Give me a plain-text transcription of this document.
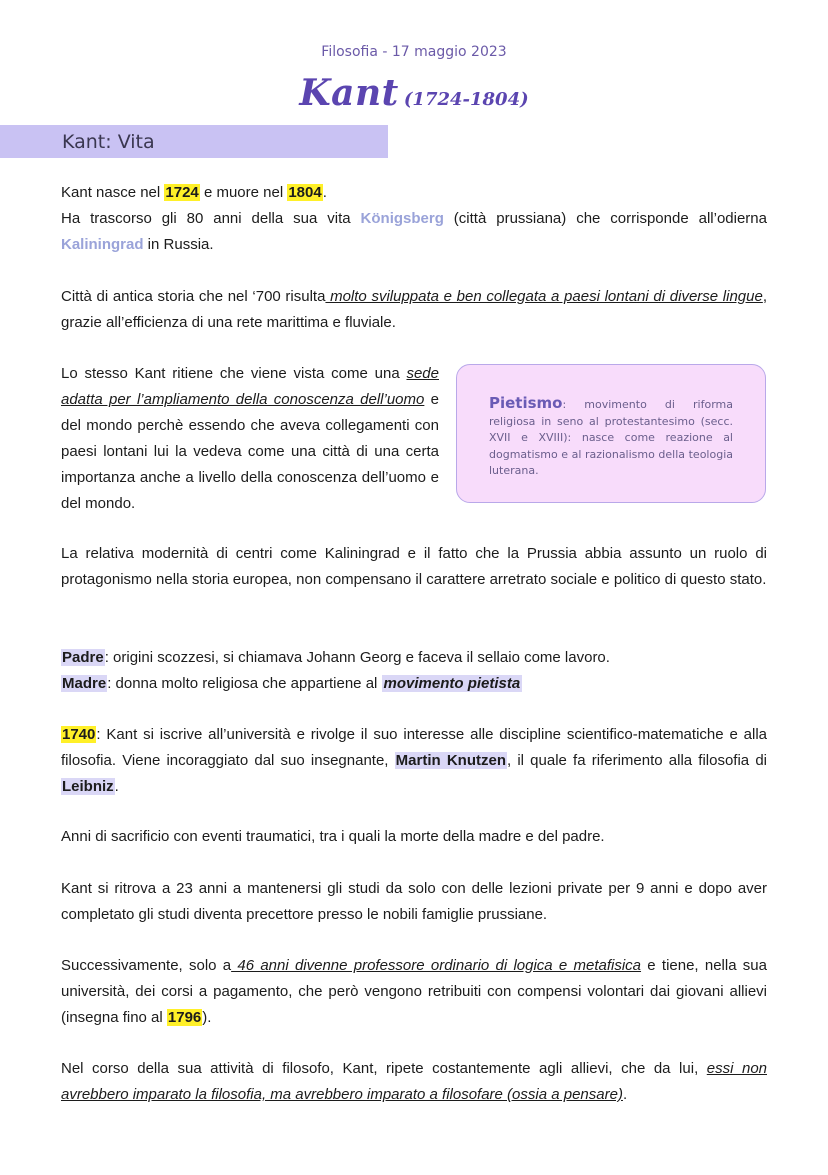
Filosofia - 17 maggio 2023
Kant (1724-1804)
Kant: Vita
Kant nasce nel 1724 e muore nel 1804.
Ha trascorso gli 80 anni della sua vita Königsberg (città prussiana) che corrisponde all’odierna Kaliningrad in Russia.
Città di antica storia che nel ‘700 risulta molto sviluppata e ben collegata a paesi lontani di diverse lingue, grazie all’efficienza di una rete marittima e fluviale.
Lo stesso Kant ritiene che viene vista come una sede adatta per l’ampliamento della conoscenza dell’uomo e del mondo perchè essendo che aveva collegamenti con paesi lontani lui la vedeva come una città di una certa importanza anche a livello della conoscenza dell’uomo e del mondo.
Pietismo: movimento di riforma religiosa in seno al protestantesimo (secc. XVII e XVIII): nasce come reazione al dogmatismo e al razionalismo della teologia luterana.
La relativa modernità di centri come Kaliningrad e il fatto che la Prussia abbia assunto un ruolo di protagonismo nella storia europea, non compensano il carattere arretrato sociale e politico di questo stato.
Padre: origini scozzesi, si chiamava Johann Georg e faceva il sellaio come lavoro.
Madre: donna molto religiosa che appartiene al movimento pietista
1740: Kant si iscrive all’università e rivolge il suo interesse alle discipline scientifico-matematiche e alla filosofia. Viene incoraggiato dal suo insegnante, Martin Knutzen, il quale fa riferimento alla filosofia di Leibniz.
Anni di sacrificio con eventi traumatici, tra i quali la morte della madre e del padre.
Kant si ritrova a 23 anni a mantenersi gli studi da solo con delle lezioni private per 9 anni e dopo aver completato gli studi diventa precettore presso le nobili famiglie prussiane.
Successivamente, solo a 46 anni divenne professore ordinario di logica e metafisica e tiene, nella sua università, dei corsi a pagamento, che però vengono retribuiti con compensi volontari dai giovani allievi (insegna fino al 1796).
Nel corso della sua attività di filosofo, Kant, ripete costantemente agli allievi, che da lui, essi non avrebbero imparato la filosofia, ma avrebbero imparato a filosofare (ossia a pensare).
